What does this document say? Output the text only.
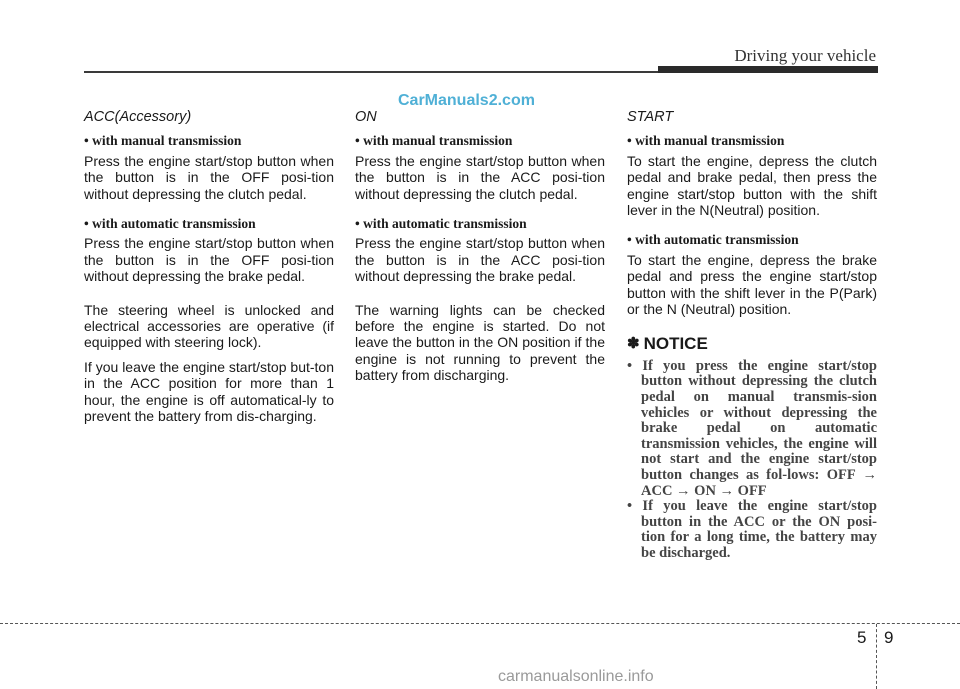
Driving your vehicle
CarManuals2.com
ACC(Accessory)
• with manual transmission

Press the engine start/stop button when the button is in the OFF posi-tion without depressing the clutch pedal.

• with automatic transmission

Press the engine start/stop button when the button is in the OFF posi-tion without depressing the brake pedal.

The steering wheel is unlocked and electrical accessories are operative (if equipped with steering lock).

If you leave the engine start/stop but-ton in the ACC position for more than 1 hour, the engine is off automatical-ly to prevent the battery from dis-charging.

ON
• with manual transmission

Press the engine start/stop button when the button is in the ACC posi-tion without depressing the clutch pedal.

• with automatic transmission

Press the engine start/stop button when the button is in the ACC posi-tion without depressing the brake pedal.

The warning lights can be checked before the engine is started. Do not leave the button in the ON position if the engine is not running to prevent the battery from discharging.

START
• with manual transmission

To start the engine, depress the clutch pedal and brake pedal, then press the engine start/stop button with the shift lever in the N(Neutral) position.

• with automatic transmission

To start the engine, depress the brake pedal and press the engine start/stop button with the shift lever in the P(Park) or the N (Neutral) position.

✽ NOTICE
• If you press the engine start/stop button without depressing the clutch pedal on manual transmis-sion vehicles or without depressing the brake pedal on automatic transmission vehicles, the engine will not start and the engine start/stop button changes as fol-lows: OFF → ACC → ON → OFF
• If you leave the engine start/stop button in the ACC or the ON posi-tion for a long time, the battery may be discharged.
5 9
carmanualsonline.info
